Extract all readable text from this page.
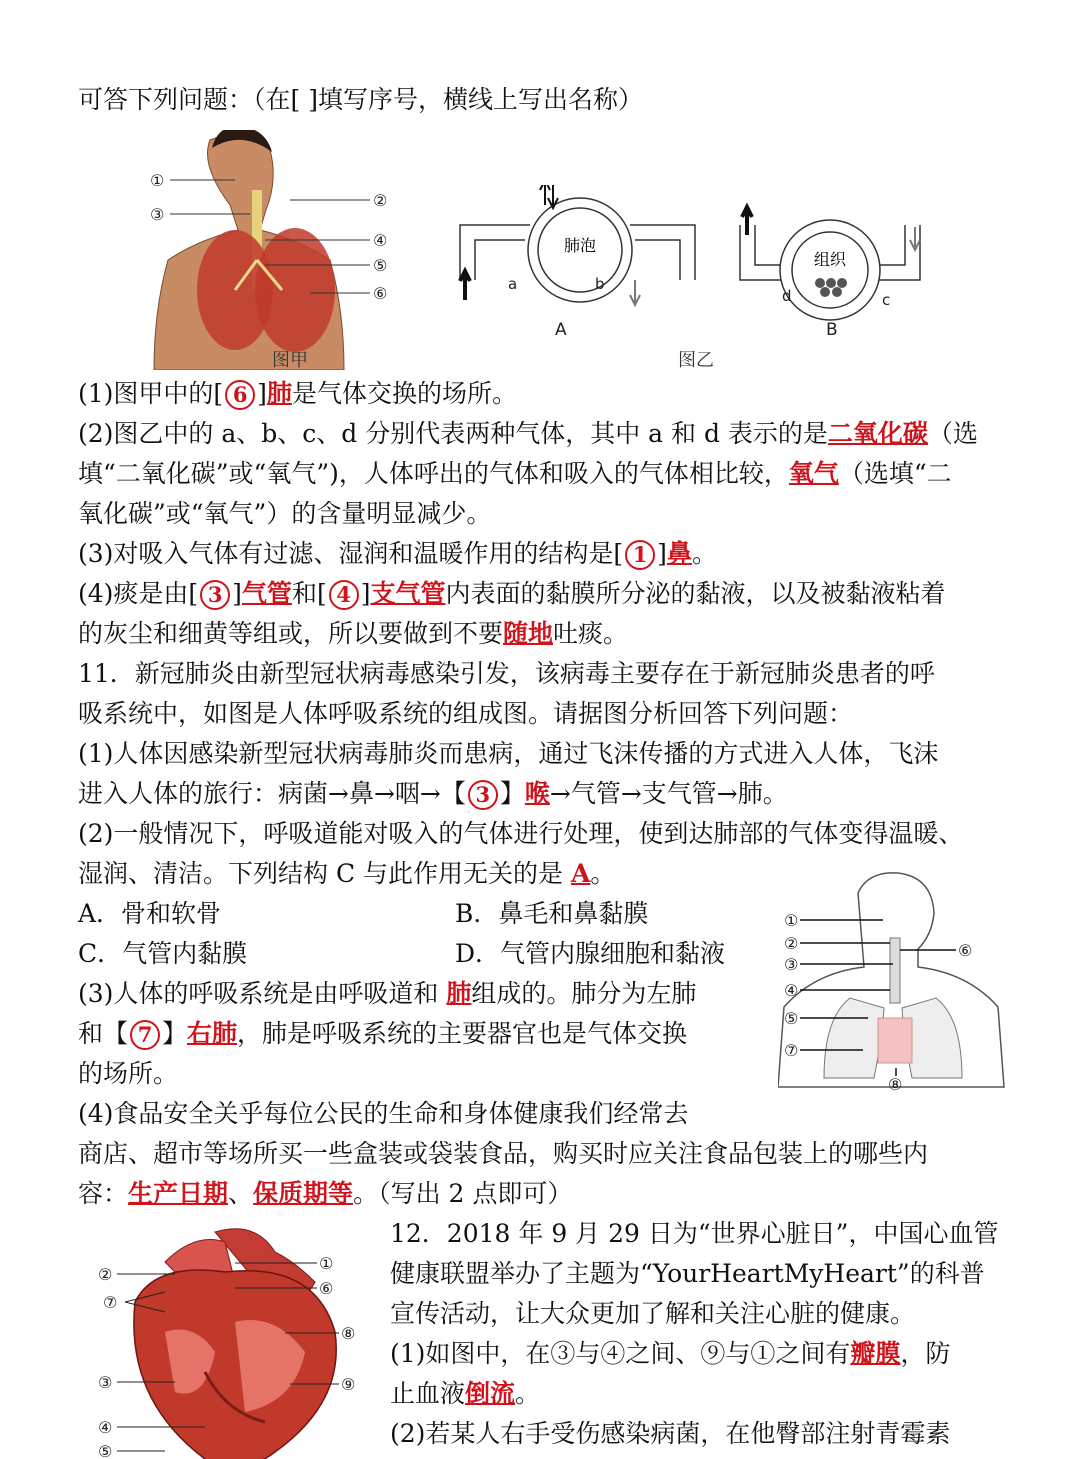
可答下列问题：（在[ ]填写序号，横线上写出名称）
①
②
③
④
⑤
⑥
图甲
肺泡
组织
a	b
c
d
A	B
图乙
(1)图甲中的[ 6 ]肺是气体交换的场所。
(2)图乙中的 a、b、c、d 分别代表两种气体，其中 a 和 d 表示的是二氧化碳（选
填“二氧化碳”或“氧气”)，人体呼出的气体和吸入的气体相比较，氧气（选填“二
氧化碳”或“氧气”）的含量明显减少。
(3)对吸入气体有过滤、湿润和温暖作用的结构是[ 1 ]鼻。
(4)痰是由[ 3 ]气管和[ 4 ]支气管内表面的黏膜所分泌的黏液，以及被黏液粘着
的灰尘和细黄等组或，所以要做到不要随地吐痰。
11．新冠肺炎由新型冠状病毒感染引发，该病毒主要存在于新冠肺炎患者的呼
吸系统中，如图是人体呼吸系统的组成图。请据图分析回答下列问题：
(1)人体因感染新型冠状病毒肺炎而患病，通过飞沫传播的方式进入人体，飞沫
进入人体的旅行：病菌→鼻→咽→【 3 】喉→气管→支气管→肺。
(2)一般情况下，呼吸道能对吸入的气体进行处理，使到达肺部的气体变得温暖、
湿润、清洁。下列结构 C 与此作用无关的是 A。
A．骨和软骨	B．鼻毛和鼻黏膜
C．气管内黏膜	D．气管内腺细胞和黏液
(3)人体的呼吸系统是由呼吸道和 肺组成的。肺分为左肺
和【 7 】右肺，肺是呼吸系统的主要器官也是气体交换
的场所。
(4)食品安全关乎每位公民的生命和身体健康我们经常去
商店、超市等场所买一些盒装或袋装食品，购买时应关注食品包装上的哪些内
容：生产日期、保质期等。（写出 2 点即可）
①
②
③
④
⑤
⑦
⑥
⑧
12．2018 年 9 月 29 日为“世界心脏日”，中国心血管
健康联盟举办了主题为“YourHeartMyHeart”的科普
宣传活动，让大众更加了解和关注心脏的健康。
(1)如图中，在③与④之间、⑨与①之间有瓣膜，防
止血液倒流。
(2)若某人右手受伤感染病菌，在他臀部注射青霉素
②
⑦
③
④
⑤
①
⑥
⑧
⑨
